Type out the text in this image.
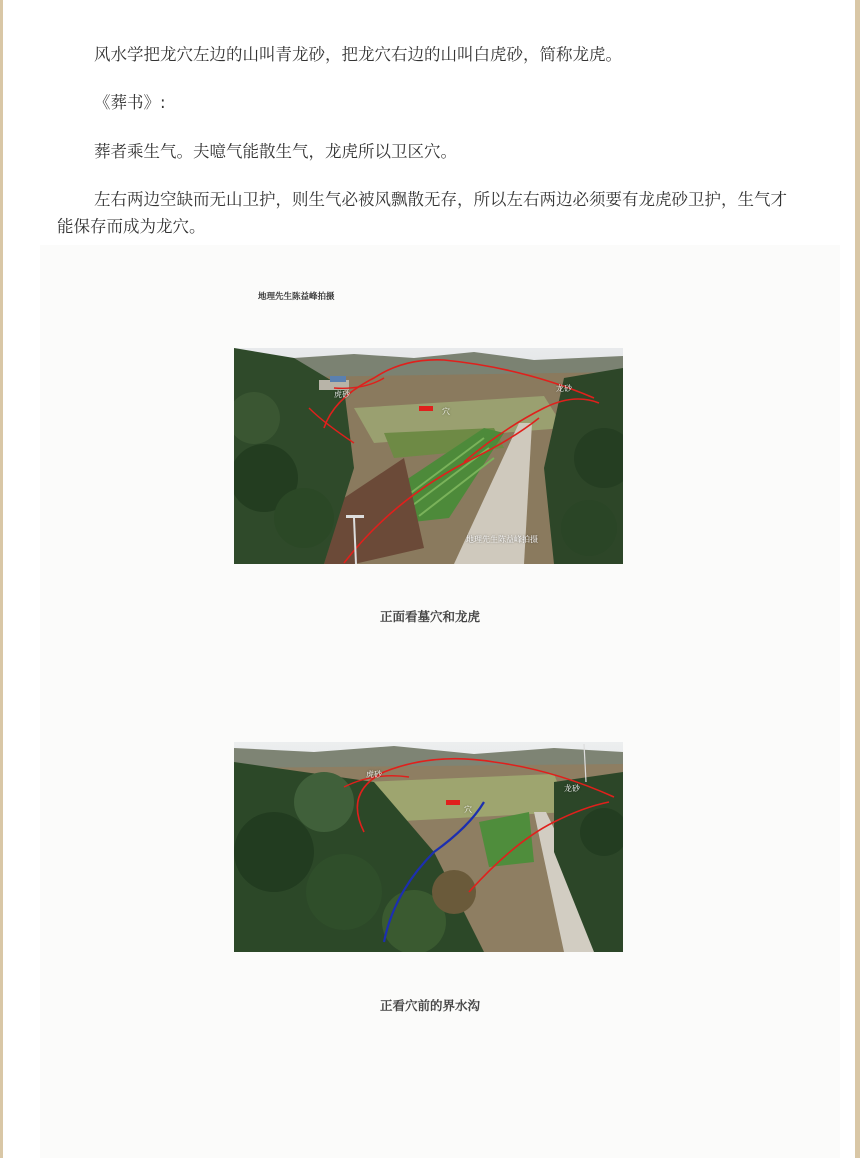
风水学把龙穴左边的山叫青龙砂，把龙穴右边的山叫白虎砂，简称龙虎。

《葬书》:

葬者乘生气。夫噫气能散生气，龙虎所以卫区穴。

左右两边空缺而无山卫护，则生气必被风飘散无存，所以左右两边必须要有龙虎砂卫护，生气才能保存而成为龙穴。

地理先生陈益峰拍摄
虎砂
龙砂
穴
地理先生陈益峰拍摄
正面看墓穴和龙虎
虎砂
龙砂
穴
正看穴前的界水沟
